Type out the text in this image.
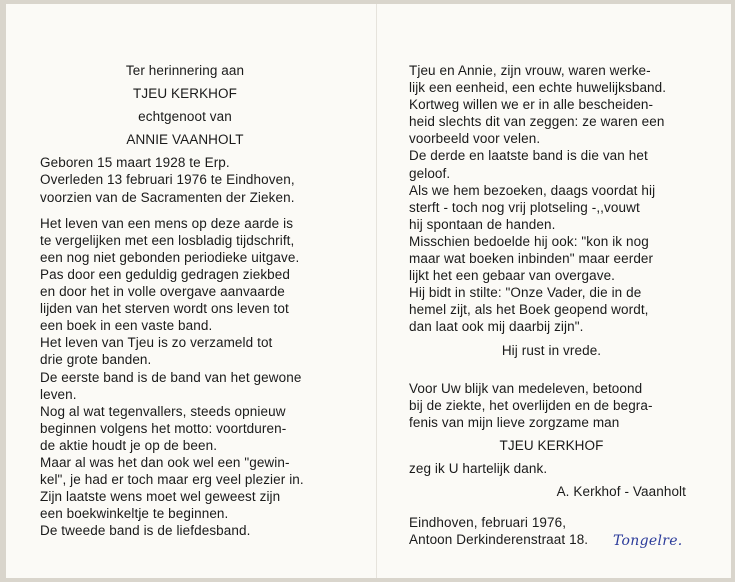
Ter herinnering aan

TJEU KERKHOF

echtgenoot van

ANNIE VAANHOLT

Geboren 15 maart 1928 te Erp.

Overleden 13 februari 1976 te Eindhoven,

voorzien van de Sacramenten der Zieken.

Het leven van een mens op deze aarde is

te vergelijken met een losbladig tijdschrift,

een nog niet gebonden periodieke uitgave.

Pas door een geduldig gedragen ziekbed

en door het in volle overgave aanvaarde

lijden van het sterven wordt ons leven tot

een boek in een vaste band.

Het leven van Tjeu is zo verzameld tot

drie grote banden.

De eerste band is de band van het gewone

leven.

Nog al wat tegenvallers, steeds opnieuw

beginnen volgens het motto: voortduren-

de aktie houdt je op de been.

Maar al was het dan ook wel een "gewin-

kel", je had er toch maar erg veel plezier in.

Zijn laatste wens moet wel geweest zijn

een boekwinkeltje te beginnen.

De tweede band is de liefdesband.

Tjeu en Annie, zijn vrouw, waren werke-

lijk een eenheid, een echte huwelijksband.

Kortweg willen we er in alle bescheiden-

heid slechts dit van zeggen: ze waren een

voorbeeld voor velen.

De derde en laatste band is die van het

geloof.

Als we hem bezoeken, daags voordat hij

sterft - toch nog vrij plotseling -,,vouwt

hij spontaan de handen.

Misschien bedoelde hij ook: "kon ik nog

maar wat boeken inbinden" maar eerder

lijkt het een gebaar van overgave.

Hij bidt in stilte: "Onze Vader, die in de

hemel zijt, als het Boek geopend wordt,

dan laat ook mij daarbij zijn".

Hij rust in vrede.

Voor Uw blijk van medeleven, betoond

bij de ziekte, het overlijden en de begra-

fenis van mijn lieve zorgzame man

TJEU KERKHOF

zeg ik U hartelijk dank.

A. Kerkhof - Vaanholt

Eindhoven, februari 1976,

Antoon Derkinderenstraat 18.	Tongelre.
